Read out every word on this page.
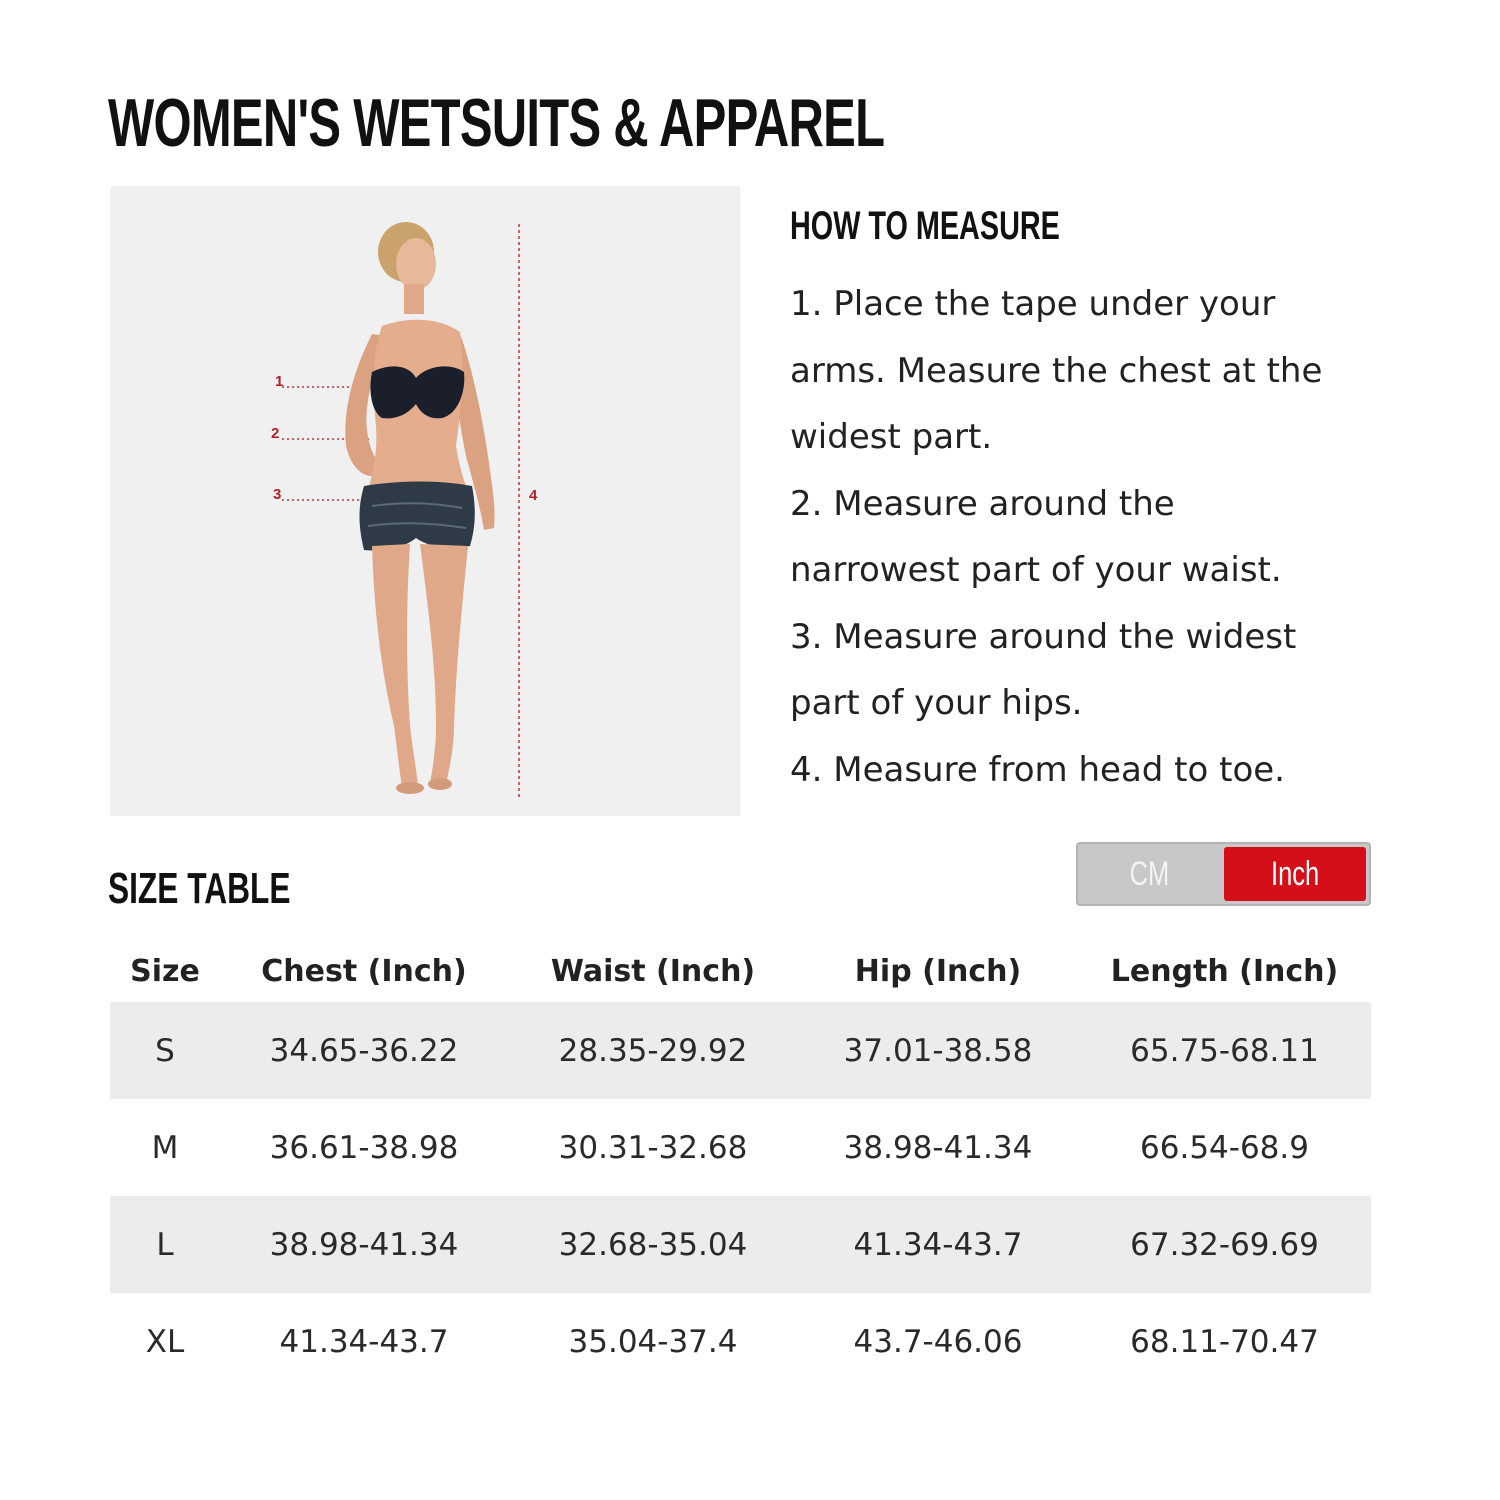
WOMEN'S WETSUITS & APPAREL
1
2
3	4
HOW TO MEASURE
1. Place the tape under your
arms. Measure the chest at the
widest part.
2. Measure around the
narrowest part of your waist.
3. Measure around the widest
part of your hips.
4. Measure from head to toe.
SIZE TABLE	CM	Inch
Size	Chest (Inch)	Waist (Inch)	Hip (Inch)	Length (Inch)
S	34.65-36.22	28.35-29.92	37.01-38.58	65.75-68.11
M	36.61-38.98	30.31-32.68	38.98-41.34	66.54-68.9
L	38.98-41.34	32.68-35.04	41.34-43.7	67.32-69.69
XL	41.34-43.7	35.04-37.4	43.7-46.06	68.11-70.47
